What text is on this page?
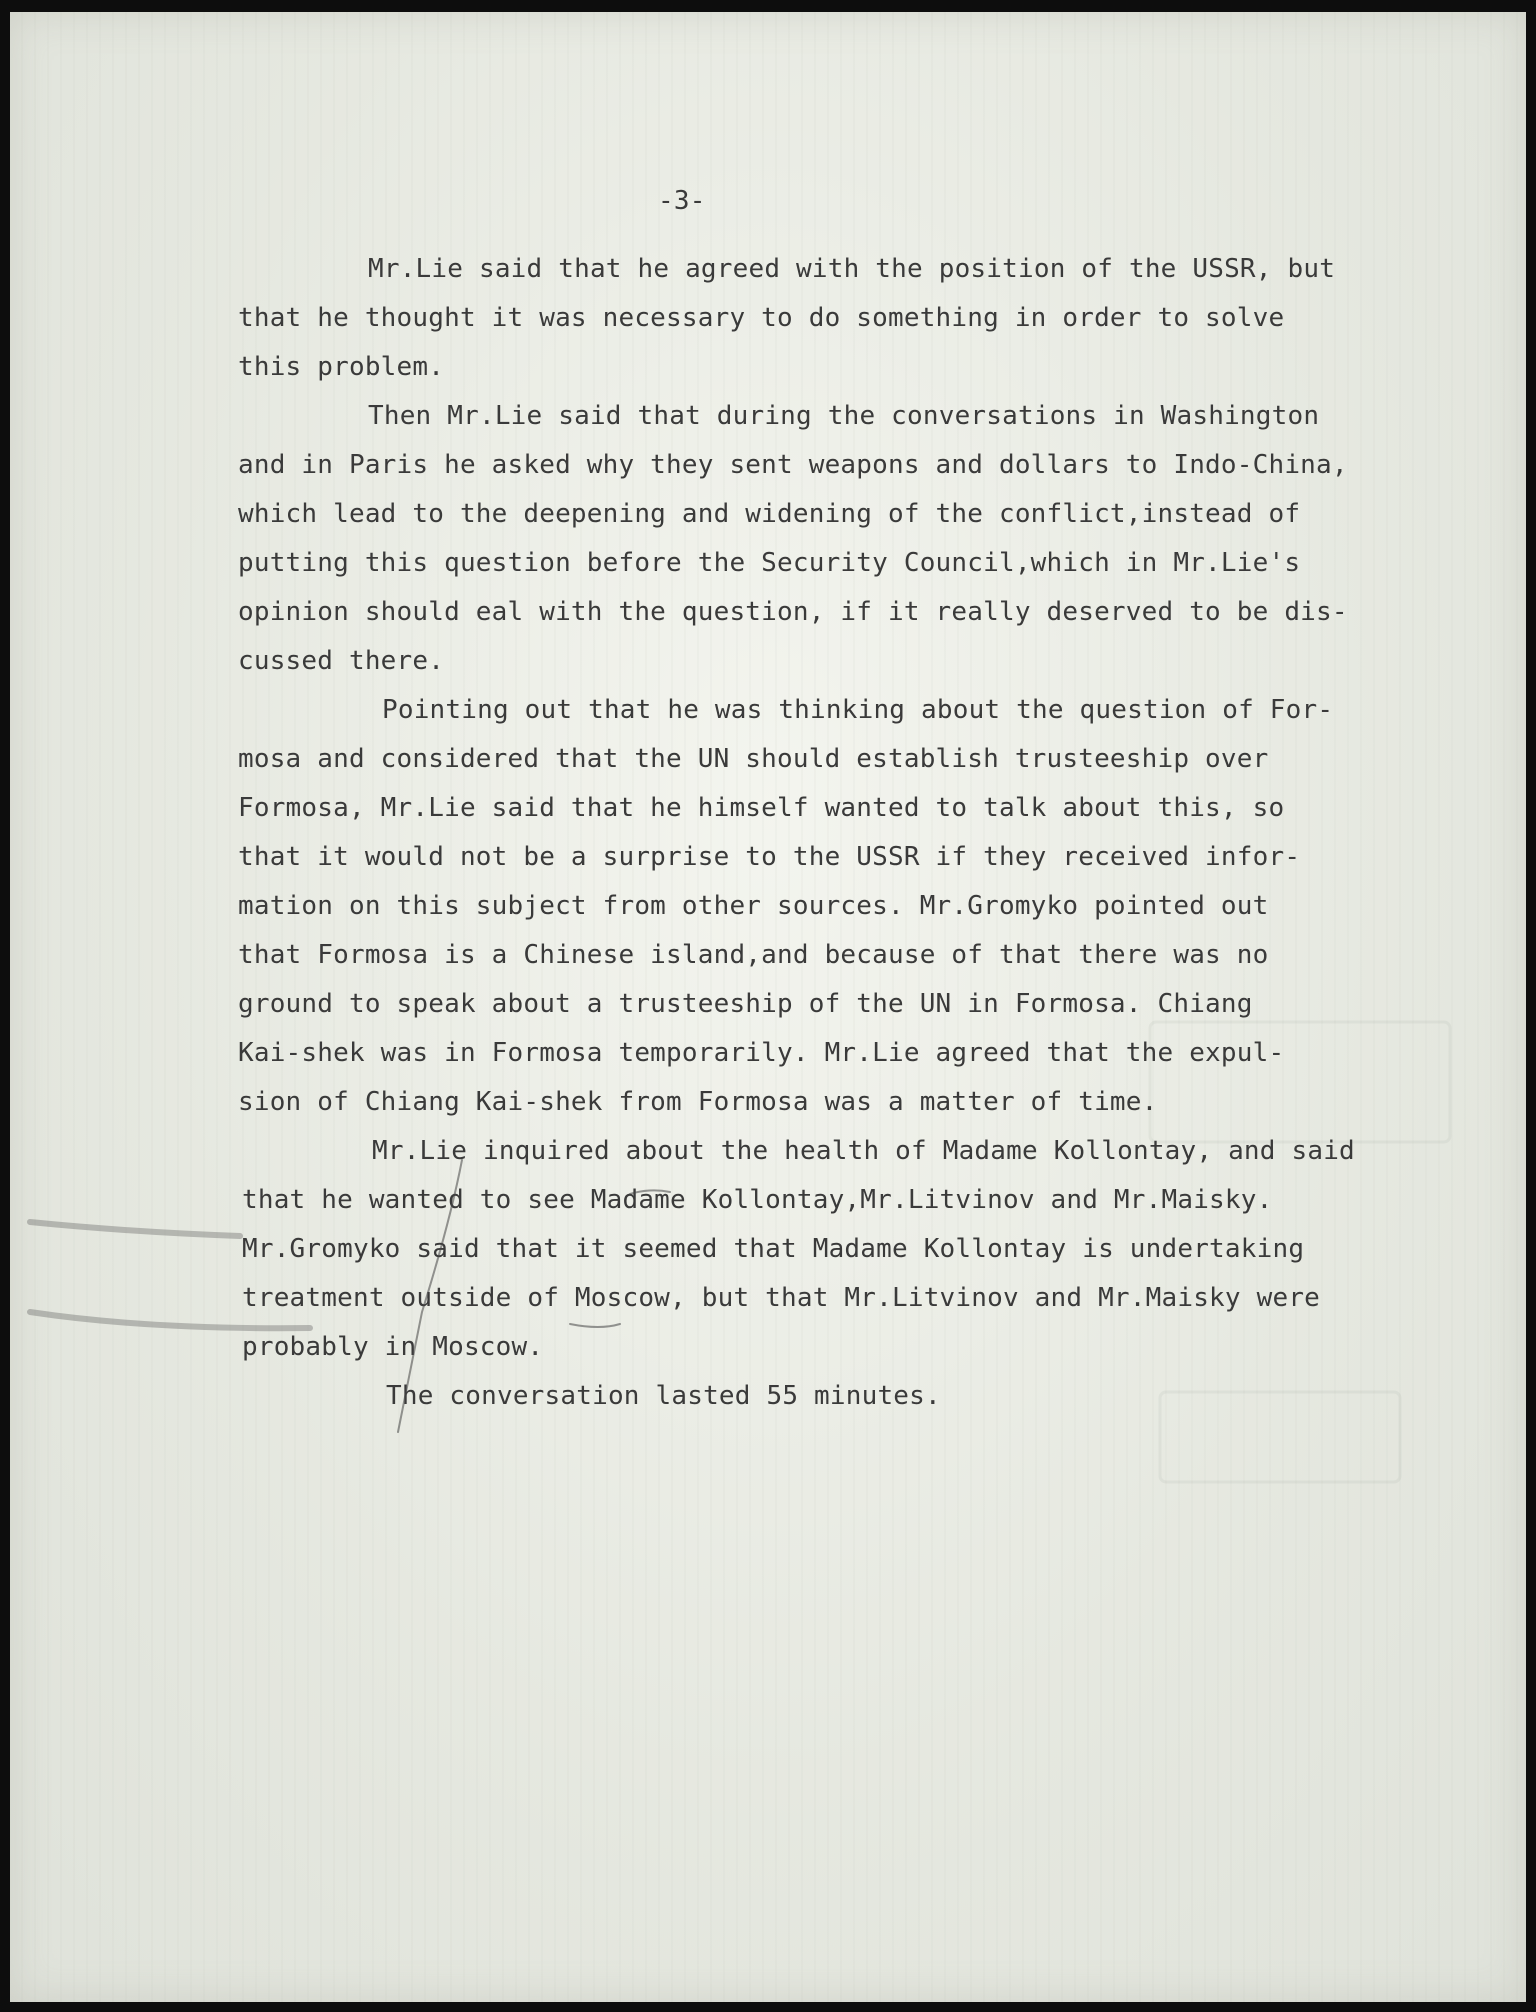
-3-
Mr.Lie said that he agreed with the position of the USSR, but
that he thought it was necessary to do something in order to solve
this problem.
Then Mr.Lie said that during the conversations in Washington
and in Paris he asked why they sent weapons and dollars to Indo-China,
which lead to the deepening and widening of the conflict,instead of
putting this question before the Security Council,which in Mr.Lie's
opinion should eal with the question, if it really deserved to be dis-
cussed there.
Pointing out that he was thinking about the question of For-
mosa and considered that the UN should establish trusteeship over
Formosa, Mr.Lie said that he himself wanted to talk about this, so
that it would not be a surprise to the USSR if they received infor-
mation on this subject from other sources. Mr.Gromyko pointed out
that Formosa is a Chinese island,and because of that there was no
ground to speak about a trusteeship of the UN in Formosa. Chiang
Kai-shek was in Formosa temporarily. Mr.Lie agreed that the expul-
sion of Chiang Kai-shek from Formosa was a matter of time.
Mr.Lie inquired about the health of Madame Kollontay, and said
that he wanted to see Madame Kollontay,Mr.Litvinov and Mr.Maisky.
Mr.Gromyko said that it seemed that Madame Kollontay is undertaking
treatment outside of Moscow, but that Mr.Litvinov and Mr.Maisky were
probably in Moscow.
The conversation lasted 55 minutes.
